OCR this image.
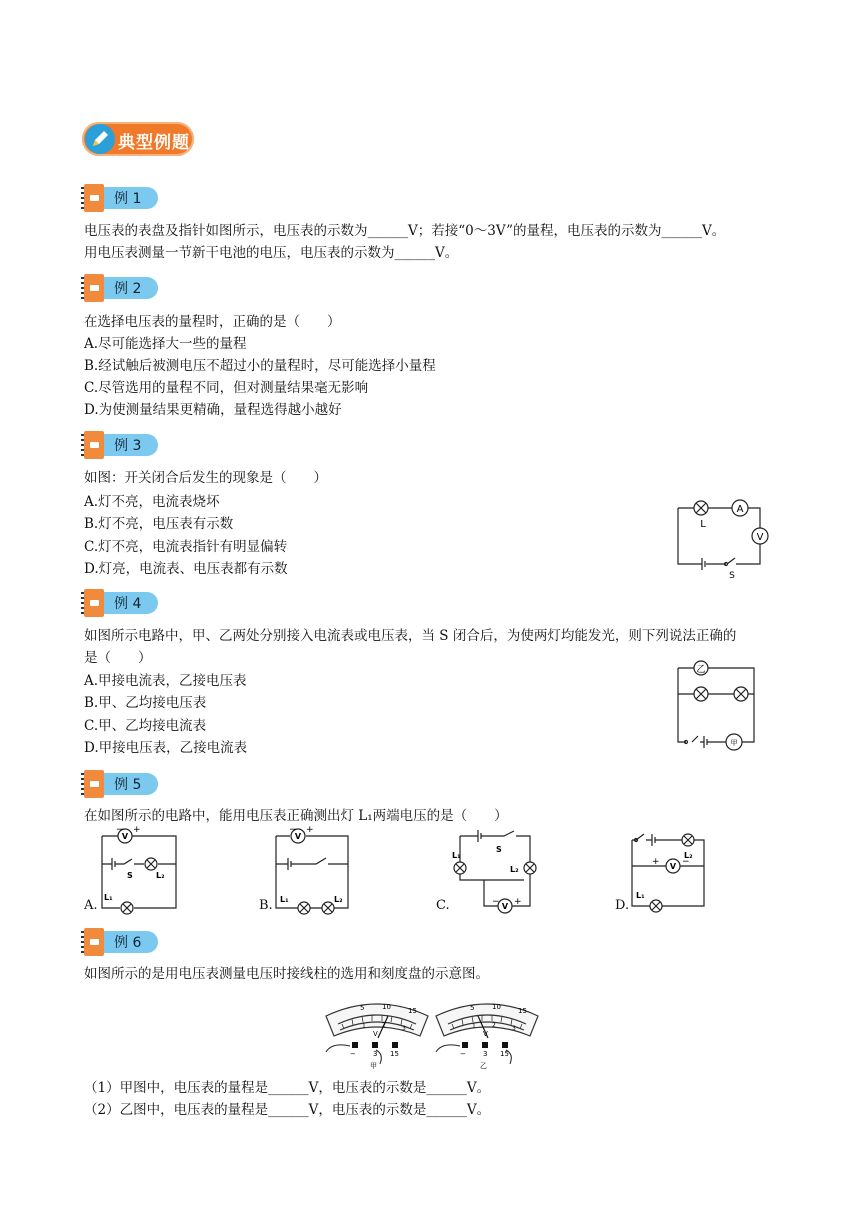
典型例题
例 1
电压表的表盘及指针如图所示，电压表的示数为______V；若接“0～3V”的量程，电压表的示数为______V。
用电压表测量一节新干电池的电压，电压表的示数为______V。
例 2
在选择电压表的量程时，正确的是（　　）
A.尽可能选择大一些的量程
B.经试触后被测电压不超过小的量程时，尽可能选择小量程
C.尽管选用的量程不同，但对测量结果毫无影响
D.为使测量结果更精确，量程选得越小越好
例 3
如图：开关闭合后发生的现象是（　　）
A.灯不亮，电流表烧坏
B.灯不亮，电压表有示数
C.灯不亮，电流表指针有明显偏转
D.灯亮，电流表、电压表都有示数
A
V
L
S
例 4
如图所示电路中，甲、乙两处分别接入电流表或电压表，当 S 闭合后，为使两灯均能发光，则下列说法正确的
是（　　）
A.甲接电流表，乙接电压表
B.甲、乙均接电压表
C.甲、乙均接电流表
D.甲接电压表，乙接电流表
乙
甲
例 5
在如图所示的电路中，能用电压表正确测出灯 L₁两端电压的是（　　）
A.
V
− +
S	L₂
L₁
B.
V
− +
L₁	L₂	C.	V
− +
S
L₁
L₂
D.
V
+ −
L₂
L₁
例 6
如图所示的是用电压表测量电压时接线柱的选用和刻度盘的示意图。
5	10 15
1	2	3
V
− 3 15
甲
5	10 15
1	2	3
V
− 3 15
乙
（1）甲图中，电压表的量程是______V，电压表的示数是______V。
（2）乙图中，电压表的量程是______V，电压表的示数是______V。
